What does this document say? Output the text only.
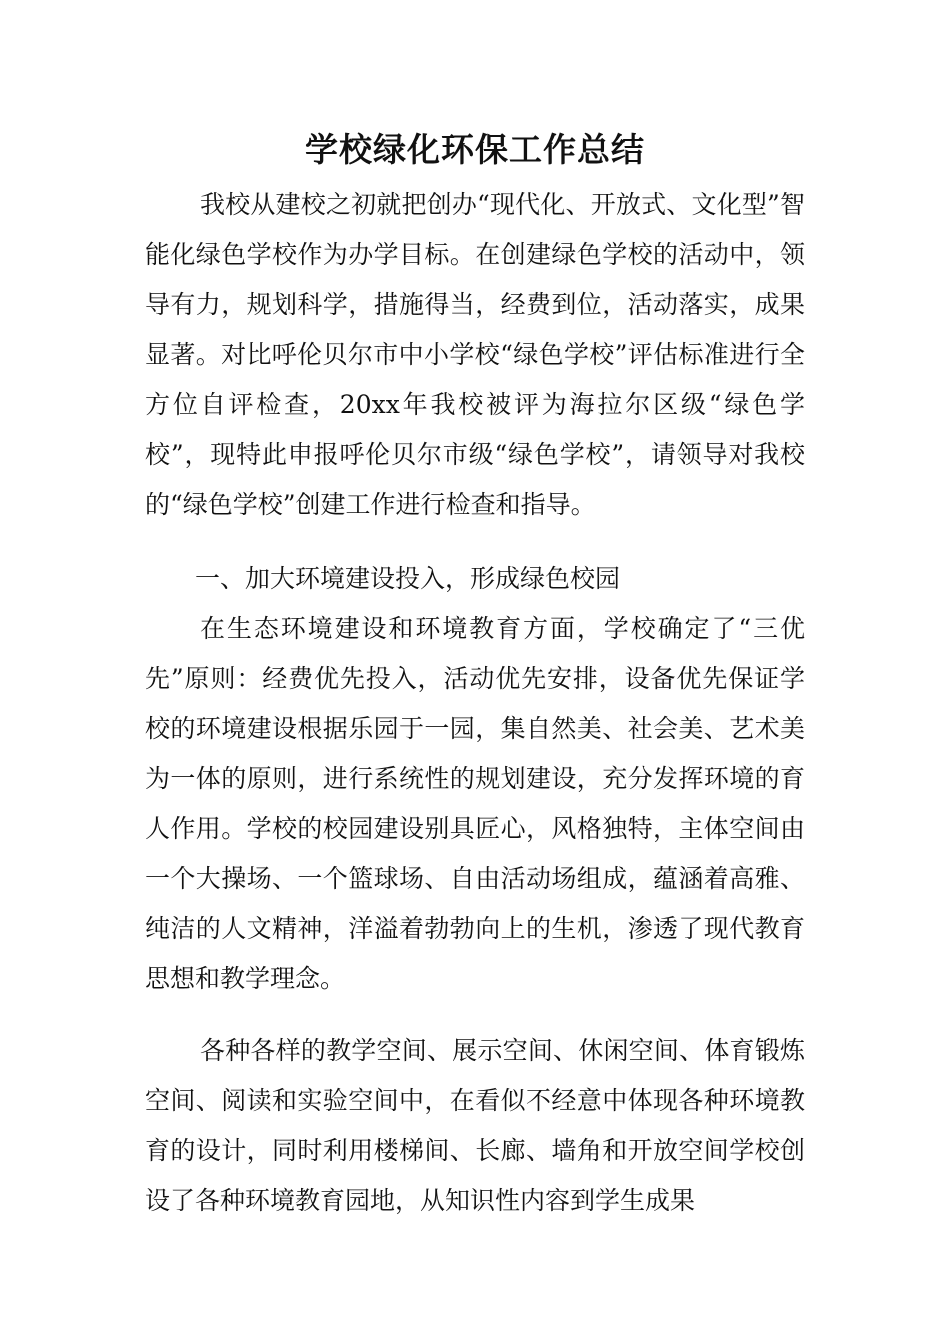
学校绿化环保工作总结

我校从建校之初就把创办“现代化、开放式、文化型”智能化绿色学校作为办学目标。在创建绿色学校的活动中，领导有力，规划科学，措施得当，经费到位，活动落实，成果显著。对比呼伦贝尔市中小学校“绿色学校”评估标准进行全方位自评检查，20xx年我校被评为海拉尔区级“绿色学校”，现特此申报呼伦贝尔市级“绿色学校”，请领导对我校的“绿色学校”创建工作进行检查和指导。

一、加大环境建设投入，形成绿色校园

在生态环境建设和环境教育方面，学校确定了“三优先”原则：经费优先投入，活动优先安排，设备优先保证学校的环境建设根据乐园于一园，集自然美、社会美、艺术美为一体的原则，进行系统性的规划建设，充分发挥环境的育人作用。学校的校园建设别具匠心，风格独特，主体空间由一个大操场、一个篮球场、自由活动场组成，蕴涵着高雅、纯洁的人文精神，洋溢着勃勃向上的生机，渗透了现代教育思想和教学理念。

各种各样的教学空间、展示空间、休闲空间、体育锻炼空间、阅读和实验空间中，在看似不经意中体现各种环境教育的设计，同时利用楼梯间、长廊、墙角和开放空间学校创设了各种环境教育园地，从知识性内容到学生成果
